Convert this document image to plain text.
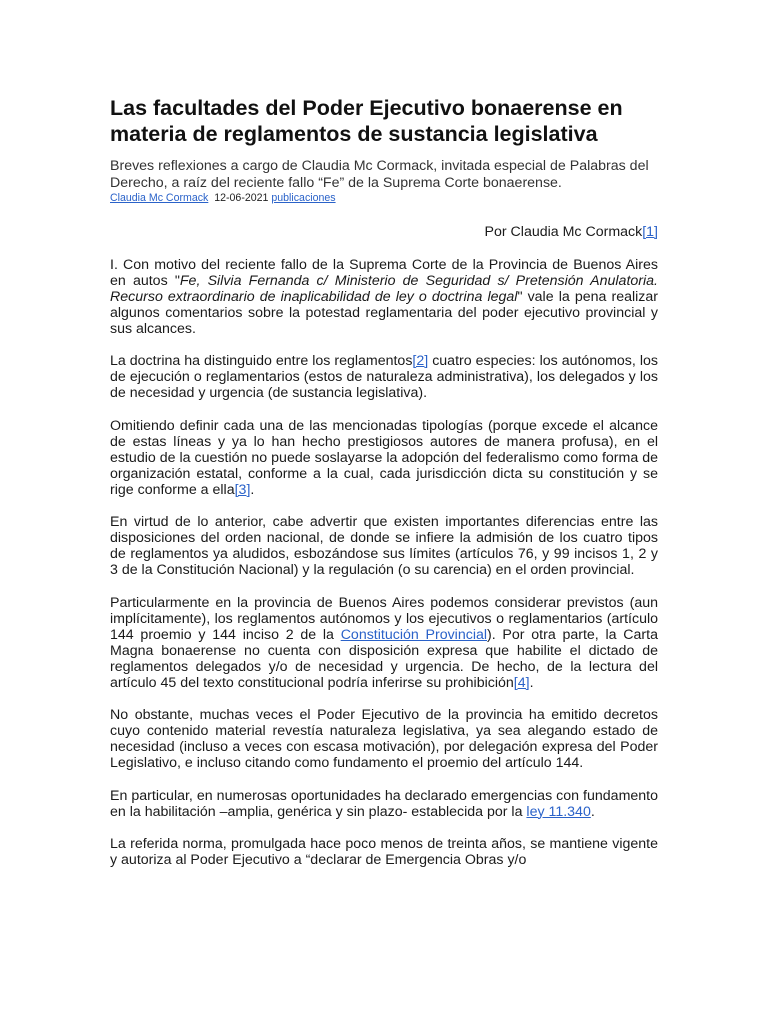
Las facultades del Poder Ejecutivo bonaerense en materia de reglamentos de sustancia legislativa

Breves reflexiones a cargo de Claudia Mc Cormack, invitada especial de Palabras del Derecho, a raíz del reciente fallo “Fe” de la Suprema Corte bonaerense.

Claudia Mc Cormack 12-06-2021 publicaciones

Por Claudia Mc Cormack[1]

I. Con motivo del reciente fallo de la Suprema Corte de la Provincia de Buenos Aires en autos "Fe, Silvia Fernanda c/ Ministerio de Seguridad s/ Pretensión Anulatoria. Recurso extraordinario de inaplicabilidad de ley o doctrina legal" vale la pena realizar algunos comentarios sobre la potestad reglamentaria del poder ejecutivo provincial y sus alcances.

La doctrina ha distinguido entre los reglamentos[2] cuatro especies: los autónomos, los de ejecución o reglamentarios (estos de naturaleza administrativa), los delegados y los de necesidad y urgencia (de sustancia legislativa).

Omitiendo definir cada una de las mencionadas tipologías (porque excede el alcance de estas líneas y ya lo han hecho prestigiosos autores de manera profusa), en el estudio de la cuestión no puede soslayarse la adopción del federalismo como forma de organización estatal, conforme a la cual, cada jurisdicción dicta su constitución y se rige conforme a ella[3].

En virtud de lo anterior, cabe advertir que existen importantes diferencias entre las disposiciones del orden nacional, de donde se infiere la admisión de los cuatro tipos de reglamentos ya aludidos, esbozándose sus límites (artículos 76, y 99 incisos 1, 2 y 3 de la Constitución Nacional) y la regulación (o su carencia) en el orden provincial.

Particularmente en la provincia de Buenos Aires podemos considerar previstos (aun implícitamente), los reglamentos autónomos y los ejecutivos o reglamentarios (artículo 144 proemio y 144 inciso 2 de la Constitución Provincial). Por otra parte, la Carta Magna bonaerense no cuenta con disposición expresa que habilite el dictado de reglamentos delegados y/o de necesidad y urgencia. De hecho, de la lectura del artículo 45 del texto constitucional podría inferirse su prohibición[4].

No obstante, muchas veces el Poder Ejecutivo de la provincia ha emitido decretos cuyo contenido material revestía naturaleza legislativa, ya sea alegando estado de necesidad (incluso a veces con escasa motivación), por delegación expresa del Poder Legislativo, e incluso citando como fundamento el proemio del artículo 144.

En particular, en numerosas oportunidades ha declarado emergencias con fundamento en la habilitación –amplia, genérica y sin plazo- establecida por la ley 11.340.

La referida norma, promulgada hace poco menos de treinta años, se mantiene vigente y autoriza al Poder Ejecutivo a “declarar de Emergencia Obras y/o
